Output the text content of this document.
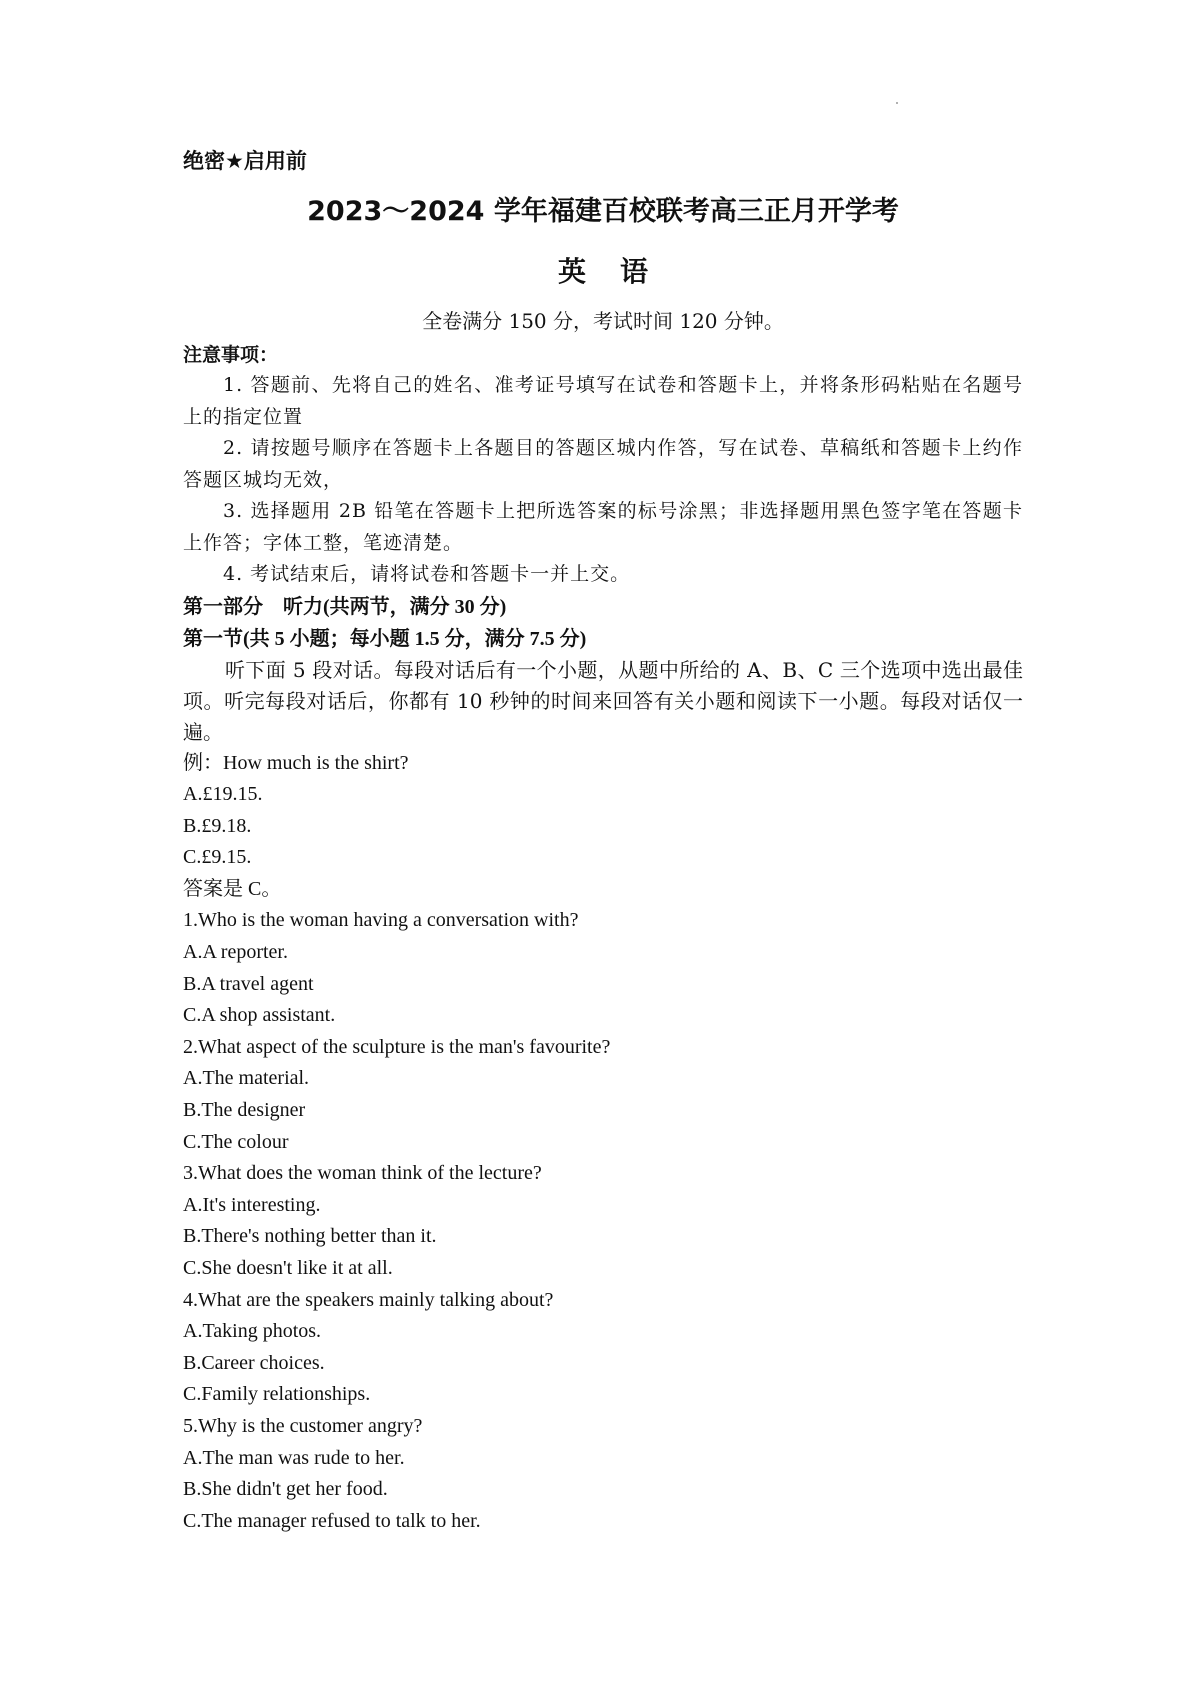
绝密★启用前

2023～2024 学年福建百校联考高三正月开学考
英语

全卷满分 150 分，考试时间 120 分钟。

注意事项：

1. 答题前、先将自己的姓名、准考证号填写在试卷和答题卡上，并将条形码粘贴在名题号上的指定位置

2. 请按题号顺序在答题卡上各题目的答题区城内作答，写在试卷、草稿纸和答题卡上约作答题区城均无效，

3. 选择题用 2B 铅笔在答题卡上把所选答案的标号涂黑；非选择题用黑色签字笔在答题卡上作答；字体工整，笔迹清楚。

4. 考试结束后，请将试卷和答题卡一并上交。

第一部分　听力(共两节，满分 30 分)

第一节(共 5 小题；每小题 1.5 分，满分 7.5 分)

听下面 5 段对话。每段对话后有一个小题，从题中所给的 A、B、C 三个选项中选出最佳项。听完每段对话后，你都有 10 秒钟的时间来回答有关小题和阅读下一小题。每段对话仅一遍。

例：How much is the shirt?

A.£19.15.

B.£9.18.

C.£9.15.

答案是 C。

1.Who is the woman having a conversation with?

A.A reporter.

B.A travel agent

C.A shop assistant.

2.What aspect of the sculpture is the man's favourite?

A.The material.

B.The designer

C.The colour

3.What does the woman think of the lecture?

A.It's interesting.

B.There's nothing better than it.

C.She doesn't like it at all.

4.What are the speakers mainly talking about?

A.Taking photos.

B.Career choices.

C.Family relationships.

5.Why is the customer angry?

A.The man was rude to her.

B.She didn't get her food.

C.The manager refused to talk to her.
